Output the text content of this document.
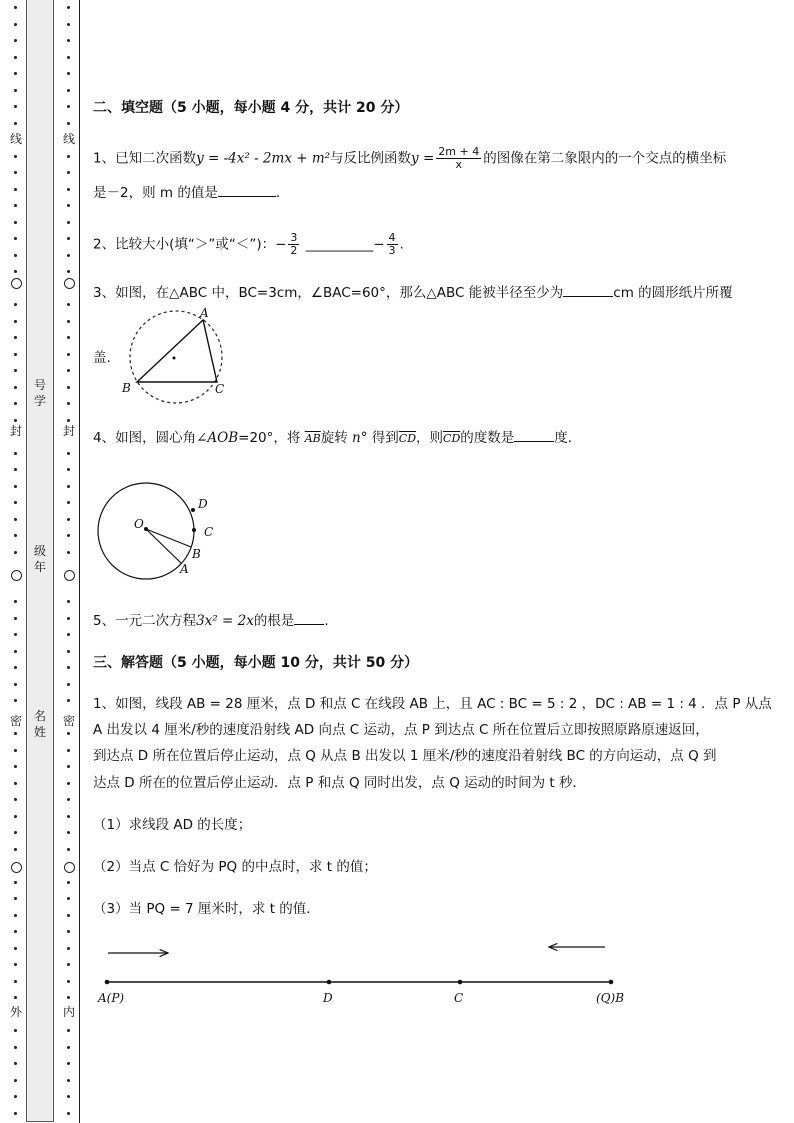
线
封
密
外
线
封
密
内
号学
级年
名姓
二、填空题（5 小题，每小题 4 分，共计 20 分）
1、已知二次函数y = -4x² - 2mx + m²与反比例函数$y = \frac{2m + 4}{x}$ 的图像在第二象限内的一个交点的横坐标
是－2，则 m 的值是	.
2、比较大小(填“＞”或“＜”)：− $\frac{3}{2}$ __________− $\frac{4}{3}$ .
3、如图，在△ABC 中，BC=3cm，∠BAC=60°，那么△ABC 能被半径至少为	cm 的圆形纸片所覆
盖.
A
B	C
4、如图，圆心角∠AOB=20°，将 $\overline{AB}$旋转 n° 得到$\overline{CD}$，则$\overline{CD}$的度数是	度.
O
A
B
C
D
5、一元二次方程3x² = 2x的根是 .
三、解答题（5 小题，每小题 10 分，共计 50 分）
1、如图，线段 AB = 28 厘米，点 D 和点 C 在线段 AB 上，且 AC : BC = 5 : 2 ，DC : AB = 1 : 4 ．点 P 从点
A 出发以 4 厘米/秒的速度沿射线 AD 向点 C 运动，点 P 到达点 C 所在位置后立即按照原路原速返回，
到达点 D 所在位置后停止运动，点 Q 从点 B 出发以 1 厘米/秒的速度沿着射线 BC 的方向运动，点 Q 到
达点 D 所在的位置后停止运动．点 P 和点 Q 同时出发，点 Q 运动的时间为 t 秒．
（1）求线段 AD 的长度；
（2）当点 C 恰好为 PQ 的中点时，求 t 的值；
（3）当 PQ = 7 厘米时，求 t 的值．
A(P)	D	C	(Q)B
